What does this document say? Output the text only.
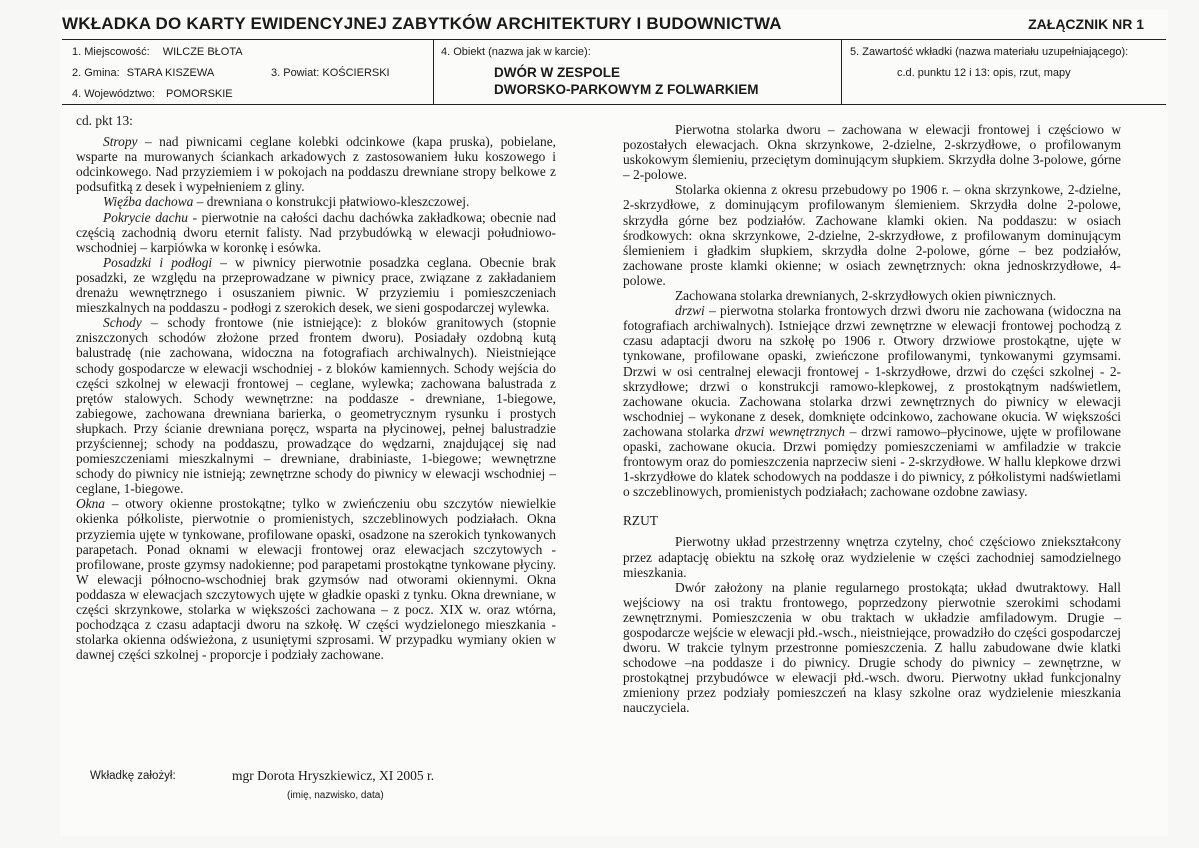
WKŁADKA DO KARTY EWIDENCYJNEJ ZABYTKÓW ARCHITEKTURY I BUDOWNICTWA	ZAŁĄCZNIK NR 1
1. Miejscowość: WILCZE BŁOTA
2. Gmina: STARA KISZEWA	3. Powiat: KOŚCIERSKI
4. Województwo: POMORSKIE
4. Obiekt (nazwa jak w karcie):
DWÓR W ZESPOLE
DWORSKO-PARKOWYM Z FOLWARKIEM
5. Zawartość wkładki (nazwa materiału uzupełniającego):
c.d. punktu 12 i 13: opis, rzut, mapy

cd. pkt 13:

Stropy – nad piwnicami ceglane kolebki odcinkowe (kapa pruska), pobielane, wsparte na murowanych ściankach arkadowych z zastosowaniem łuku koszowego i odcinkowego. Nad przyziemiem i w pokojach na poddaszu drewniane stropy belkowe z podsufitką z desek i wypełnieniem z gliny.

Więźba dachowa – drewniana o konstrukcji płatwiowo-kleszczowej.

Pokrycie dachu - pierwotnie na całości dachu dachówka zakładkowa; obecnie nad częścią zachodnią dworu eternit falisty. Nad przybudówką w elewacji południowo-wschodniej – karpiówka w koronkę i esówka.

Posadzki i podłogi – w piwnicy pierwotnie posadzka ceglana. Obecnie brak posadzki, ze względu na przeprowadzane w piwnicy prace, związane z zakładaniem drenażu wewnętrznego i osuszaniem piwnic. W przyziemiu i pomieszczeniach mieszkalnych na poddaszu - podłogi z szerokich desek, we sieni gospodarczej wylewka.

Schody – schody frontowe (nie istniejące): z bloków granitowych (stopnie zniszczonych schodów złożone przed frontem dworu). Posiadały ozdobną kutą balustradę (nie zachowana, widoczna na fotografiach archiwalnych). Nieistniejące schody gospodarcze w elewacji wschodniej - z bloków kamiennych. Schody wejścia do części szkolnej w elewacji frontowej – ceglane, wylewka; zachowana balustrada z prętów stalowych. Schody wewnętrzne: na poddasze - drewniane, 1-biegowe, zabiegowe, zachowana drewniana barierka, o geometrycznym rysunku i prostych słupkach. Przy ścianie drewniana poręcz, wsparta na płycinowej, pełnej balustradzie przyściennej; schody na poddaszu, prowadzące do wędzarni, znajdującej się nad pomieszczeniami mieszkalnymi – drewniane, drabiniaste, 1-biegowe; wewnętrzne schody do piwnicy nie istnieją; zewnętrzne schody do piwnicy w elewacji wschodniej – ceglane, 1-biegowe.

Okna – otwory okienne prostokątne; tylko w zwieńczeniu obu szczytów niewielkie okienka półkoliste, pierwotnie o promienistych, szczeblinowych podziałach. Okna przyziemia ujęte w tynkowane, profilowane opaski, osadzone na szerokich tynkowanych parapetach. Ponad oknami w elewacji frontowej oraz elewacjach szczytowych - profilowane, proste gzymsy nadokienne; pod parapetami prostokątne tynkowane płyciny. W elewacji północno-wschodniej brak gzymsów nad otworami okiennymi. Okna poddasza w elewacjach szczytowych ujęte w gładkie opaski z tynku. Okna drewniane, w części skrzynkowe, stolarka w większości zachowana – z pocz. XIX w. oraz wtórna, pochodząca z czasu adaptacji dworu na szkołę. W części wydzielonego mieszkania - stolarka okienna odświeżona, z usuniętymi szprosami. W przypadku wymiany okien w dawnej części szkolnej - proporcje i podziały zachowane.

Pierwotna stolarka dworu – zachowana w elewacji frontowej i częściowo w pozostałych elewacjach. Okna skrzynkowe, 2-dzielne, 2-skrzydłowe, o profilowanym uskokowym ślemieniu, przeciętym dominującym słupkiem. Skrzydła dolne 3-polowe, górne – 2-polowe.

Stolarka okienna z okresu przebudowy po 1906 r. – okna skrzynkowe, 2-dzielne, 2-skrzydłowe, z dominującym profilowanym ślemieniem. Skrzydła dolne 2-polowe, skrzydła górne bez podziałów. Zachowane klamki okien. Na poddaszu: w osiach środkowych: okna skrzynkowe, 2-dzielne, 2-skrzydłowe, z profilowanym dominującym ślemieniem i gładkim słupkiem, skrzydła dolne 2-polowe, górne – bez podziałów, zachowane proste klamki okienne; w osiach zewnętrznych: okna jednoskrzydłowe, 4-polowe.

Zachowana stolarka drewnianych, 2-skrzydłowych okien piwnicznych.

drzwi – pierwotna stolarka frontowych drzwi dworu nie zachowana (widoczna na fotografiach archiwalnych). Istniejące drzwi zewnętrzne w elewacji frontowej pochodzą z czasu adaptacji dworu na szkołę po 1906 r. Otwory drzwiowe prostokątne, ujęte w tynkowane, profilowane opaski, zwieńczone profilowanymi, tynkowanymi gzymsami. Drzwi w osi centralnej elewacji frontowej - 1-skrzydłowe, drzwi do części szkolnej - 2-skrzydłowe; drzwi o konstrukcji ramowo-klepkowej, z prostokątnym nadświetlem, zachowane okucia. Zachowana stolarka drzwi zewnętrznych do piwnicy w elewacji wschodniej – wykonane z desek, domknięte odcinkowo, zachowane okucia. W większości zachowana stolarka drzwi wewnętrznych – drzwi ramowo–płycinowe, ujęte w profilowane opaski, zachowane okucia. Drzwi pomiędzy pomieszczeniami w amfiladzie w trakcie frontowym oraz do pomieszczenia naprzeciw sieni - 2-skrzydłowe. W hallu klepkowe drzwi 1-skrzydłowe do klatek schodowych na poddasze i do piwnicy, z półkolistymi nadświetlami o szczeblinowych, promienistych podziałach; zachowane ozdobne zawiasy.

RZUT

Pierwotny układ przestrzenny wnętrza czytelny, choć częściowo zniekształcony przez adaptację obiektu na szkołę oraz wydzielenie w części zachodniej samodzielnego mieszkania.

Dwór założony na planie regularnego prostokąta; układ dwutraktowy. Hall wejściowy na osi traktu frontowego, poprzedzony pierwotnie szerokimi schodami zewnętrznymi. Pomieszczenia w obu traktach w układzie amfiladowym. Drugie – gospodarcze wejście w elewacji płd.-wsch., nieistniejące, prowadziło do części gospodarczej dworu. W trakcie tylnym przestronne pomieszczenia. Z hallu zabudowane dwie klatki schodowe –na poddasze i do piwnicy. Drugie schody do piwnicy – zewnętrzne, w prostokątnej przybudówce w elewacji płd.-wsch. dworu. Pierwotny układ funkcjonalny zmieniony przez podziały pomieszczeń na klasy szkolne oraz wydzielenie mieszkania nauczyciela.

Wkładkę założył:	mgr Dorota Hryszkiewicz, XI 2005 r.
(imię, nazwisko, data)
